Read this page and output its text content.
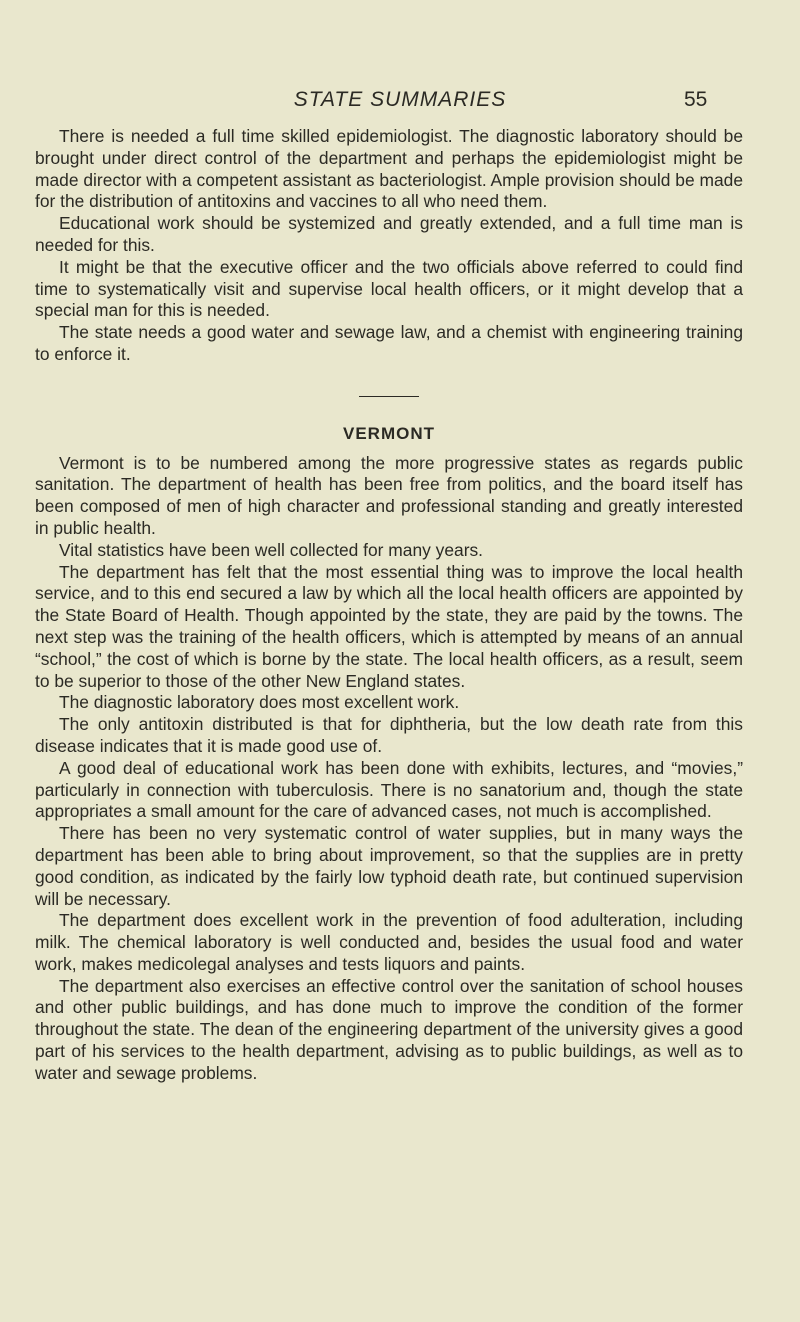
STATE SUMMARIES	55

There is needed a full time skilled epidemiologist. The diagnostic laboratory should be brought under direct control of the department and perhaps the epidemiologist might be made director with a competent assistant as bacteriologist. Ample provision should be made for the distribution of antitoxins and vaccines to all who need them.

Educational work should be systemized and greatly extended, and a full time man is needed for this.

It might be that the executive officer and the two officials above referred to could find time to systematically visit and supervise local health officers, or it might develop that a special man for this is needed.

The state needs a good water and sewage law, and a chemist with engineering training to enforce it.

VERMONT

Vermont is to be numbered among the more progressive states as regards public sanitation. The department of health has been free from politics, and the board itself has been composed of men of high character and professional standing and greatly interested in public health.

Vital statistics have been well collected for many years.

The department has felt that the most essential thing was to improve the local health service, and to this end secured a law by which all the local health officers are appointed by the State Board of Health. Though appointed by the state, they are paid by the towns. The next step was the training of the health officers, which is attempted by means of an annual “school,” the cost of which is borne by the state. The local health officers, as a result, seem to be superior to those of the other New England states.

The diagnostic laboratory does most excellent work.

The only antitoxin distributed is that for diphtheria, but the low death rate from this disease indicates that it is made good use of.

A good deal of educational work has been done with exhibits, lectures, and “movies,” particularly in connection with tuberculosis. There is no sanatorium and, though the state appropriates a small amount for the care of advanced cases, not much is accomplished.

There has been no very systematic control of water supplies, but in many ways the department has been able to bring about improvement, so that the supplies are in pretty good condition, as indicated by the fairly low typhoid death rate, but continued supervision will be necessary.

The department does excellent work in the prevention of food adulteration, including milk. The chemical laboratory is well conducted and, besides the usual food and water work, makes medicolegal analyses and tests liquors and paints.

The department also exercises an effective control over the sanitation of school houses and other public buildings, and has done much to improve the condition of the former throughout the state. The dean of the engineering department of the university gives a good part of his services to the health department, advising as to public buildings, as well as to water and sewage problems.
